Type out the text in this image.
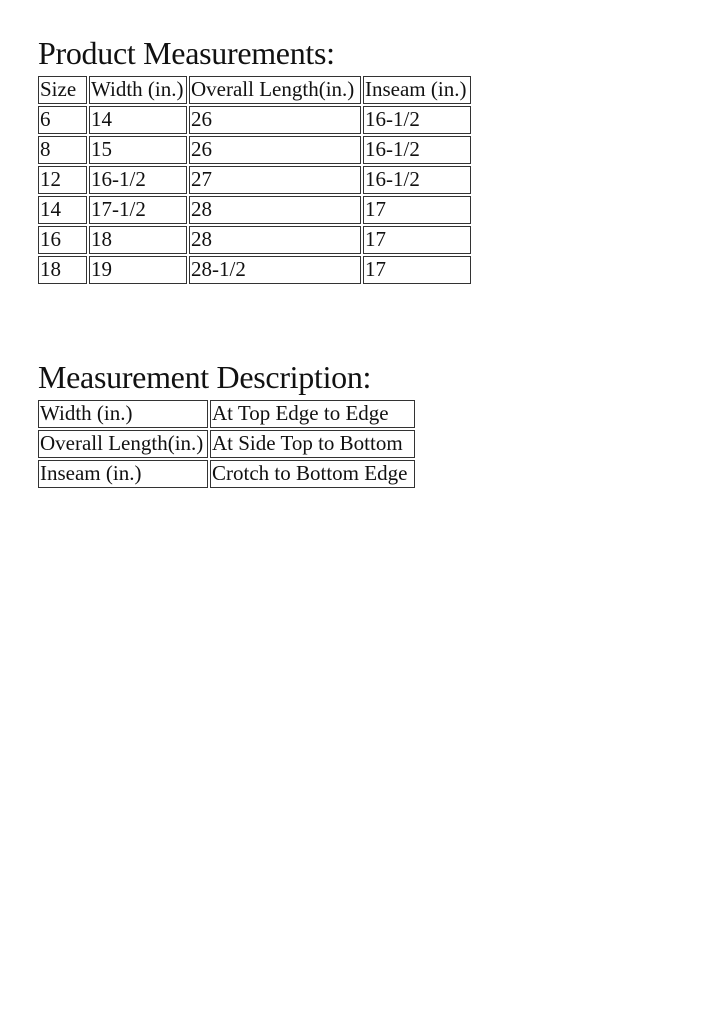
Product Measurements:
Size	Width (in.)	Overall Length(in.)	Inseam (in.)
6	14	26	16-1/2
8	15	26	16-1/2
12	16-1/2	27	16-1/2
14	17-1/2	28	17
16	18	28	17
18	19	28-1/2	17
Measurement Description:
Width (in.)	At Top Edge to Edge
Overall Length(in.)	At Side Top to Bottom
Inseam (in.)	Crotch to Bottom Edge
